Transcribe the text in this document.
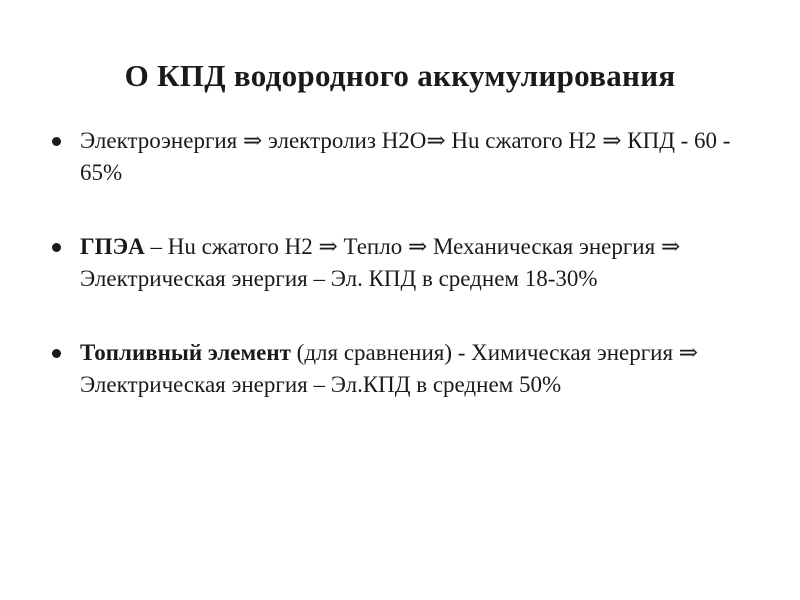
О КПД водородного аккумулирования
Электроэнергия ⇒ электролиз Н2О⇒ Hu сжатого Н2 ⇒ КПД - 60 - 65%
ГПЭА – Hu сжатого Н2 ⇒ Тепло ⇒ Механическая энергия ⇒ Электрическая энергия – Эл. КПД в среднем 18-30%
Топливный элемент (для сравнения) - Химическая энергия ⇒ Электрическая энергия – Эл.КПД в среднем 50%
